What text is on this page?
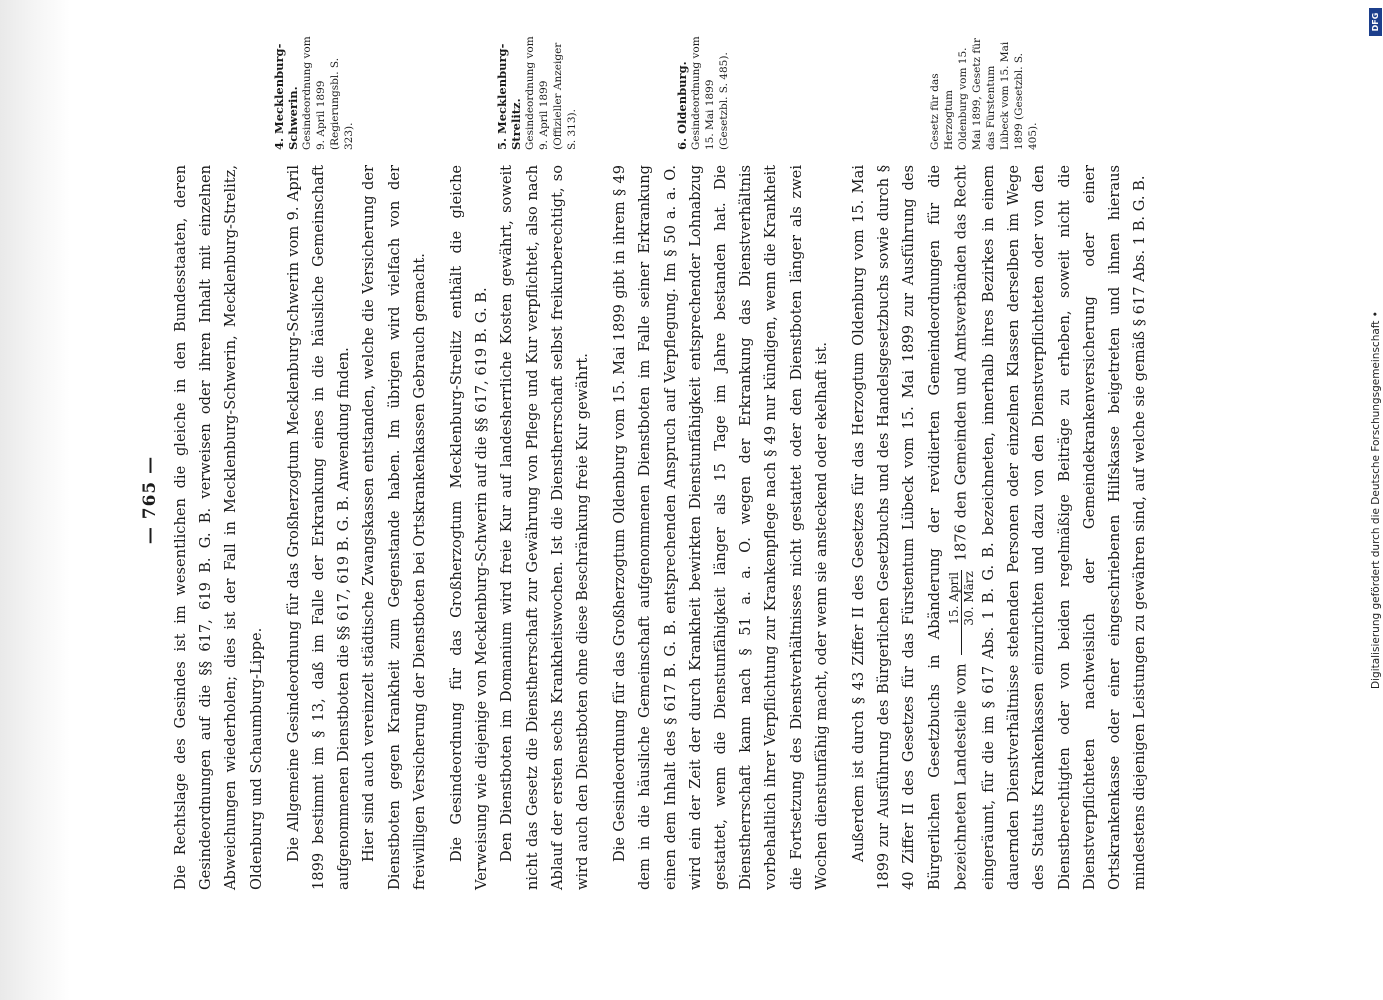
— 765 — Die Rechtslage des Gesindes ist im wesentlichen die gleiche in den Bundesstaaten, deren Gesindeordnungen auf die §§ 617, 619 B. G. B. verweisen oder ihren Inhalt mit einzelnen Abweichungen wiederholen; dies ist der Fall in Mecklenburg-Schwerin, Mecklenburg-Strelitz, Oldenburg und Schaumburg-Lippe. Die Allgemeine Gesindeordnung für das Großherzogtum Mecklenburg-Schwerin vom 9. April 1899 bestimmt im § 13, daß im Falle der Erkrankung eines in die häusliche Gemeinschaft aufgenommenen Dienstboten die §§ 617, 619 B. G. B. Anwendung finden. Hier sind auch vereinzelt städtische Zwangskassen entstanden, welche die Versicherung der Dienstboten gegen Krankheit zum Gegenstande haben. Im übrigen wird vielfach von der freiwilligen Versicherung der Dienstboten bei Ortskrankenkassen Gebrauch gemacht. Die Gesindeordnung für das Großherzogtum Mecklenburg-Strelitz enthält die gleiche Verweisung wie diejenige von Mecklenburg-Schwerin auf die §§ 617, 619 B. G. B. Den Dienstboten im Domanium wird freie Kur auf landesherrliche Kosten gewährt, soweit nicht das Gesetz die Dienstherrschaft zur Gewährung von Pflege und Kur verpflichtet, also nach Ablauf der ersten sechs Krankheitswochen. Ist die Dienstherrschaft selbst freikurberechtigt, so wird auch den Dienstboten ohne diese Beschränkung freie Kur gewährt. Die Gesindeordnung für das Großherzogtum Oldenburg vom 15. Mai 1899 gibt in ihrem § 49 dem in die häusliche Gemeinschaft aufgenommenen Dienstboten im Falle seiner Erkrankung einen dem Inhalt des § 617 B. G. B. entsprechenden Anspruch auf Verpflegung. Im § 50 a. a. O. wird ein der Zeit der durch Krankheit bewirkten Dienstunfähigkeit entsprechender Lohnabzug gestattet, wenn die Dienstunfähigkeit länger als 15 Tage im Jahre bestanden hat. Die Dienstherrschaft kann nach § 51 a. a. O. wegen der Erkrankung das Dienstverhältnis vorbehaltlich ihrer Verpflichtung zur Krankenpflege nach § 49 nur kündigen, wenn die Krankheit die Fortsetzung des Dienstverhältnisses nicht gestattet oder den Dienstboten länger als zwei Wochen dienstunfähig macht, oder wenn sie ansteckend oder ekelhaft ist. Außerdem ist durch § 43 Ziffer II des Gesetzes für das Herzogtum Oldenburg vom 15. Mai 1899 zur Ausführung des Bürgerlichen Gesetzbuchs und des Handelsgesetzbuchs sowie durch § 40 Ziffer II des Gesetzes für das Fürstentum Lübeck vom 15. Mai 1899 zur Ausführung des Bürgerlichen Gesetzbuchs in Abänderung der revidierten Gemeindeordnungen für die bezeichneten Landesteile vom
15. April 30. März
1876 den Gemeinden und Amtsverbänden das Recht eingeräumt, für die im § 617 Abs. 1 B. G. B. bezeichneten, innerhalb ihres Bezirkes in einem dauernden Dienstverhältnisse stehenden Personen oder einzelnen Klassen derselben im Wege des Statuts Krankenkassen einzurichten und dazu von den Dienstverpflichteten oder von den Dienstberechtigten oder von beiden regelmäßige Beiträge zu erheben, soweit nicht die Dienstverpflichteten nachweislich der Gemeindekrankenversicherung oder einer Ortskrankenkasse oder einer eingeschriebenen Hilfskasse beigetreten und ihnen hieraus mindestens diejenigen Leistungen zu gewähren sind, auf welche sie gemäß § 617 Abs. 1 B. G. B.

4. Mecklenburg-Schwerin. Gesindeordnung vom 9. April 1899 (Regierungsbl. S. 323).	5. Mecklenburg-Strelitz. Gesindeordnung vom 9. April 1899 (Offizieller Anzeiger S. 313).	6. Oldenburg. Gesindeordnung vom 15. Mai 1899 (Gesetzbl. S. 485).	Gesetz für das Herzogtum Oldenburg vom 15. Mai 1899, Gesetz für das Fürstentum Lübeck vom 15. Mai 1899 (Gesetzbl. S. 405).
Digitalisierung gefördert durch die Deutsche Forschungsgemeinschaft •
DFG
